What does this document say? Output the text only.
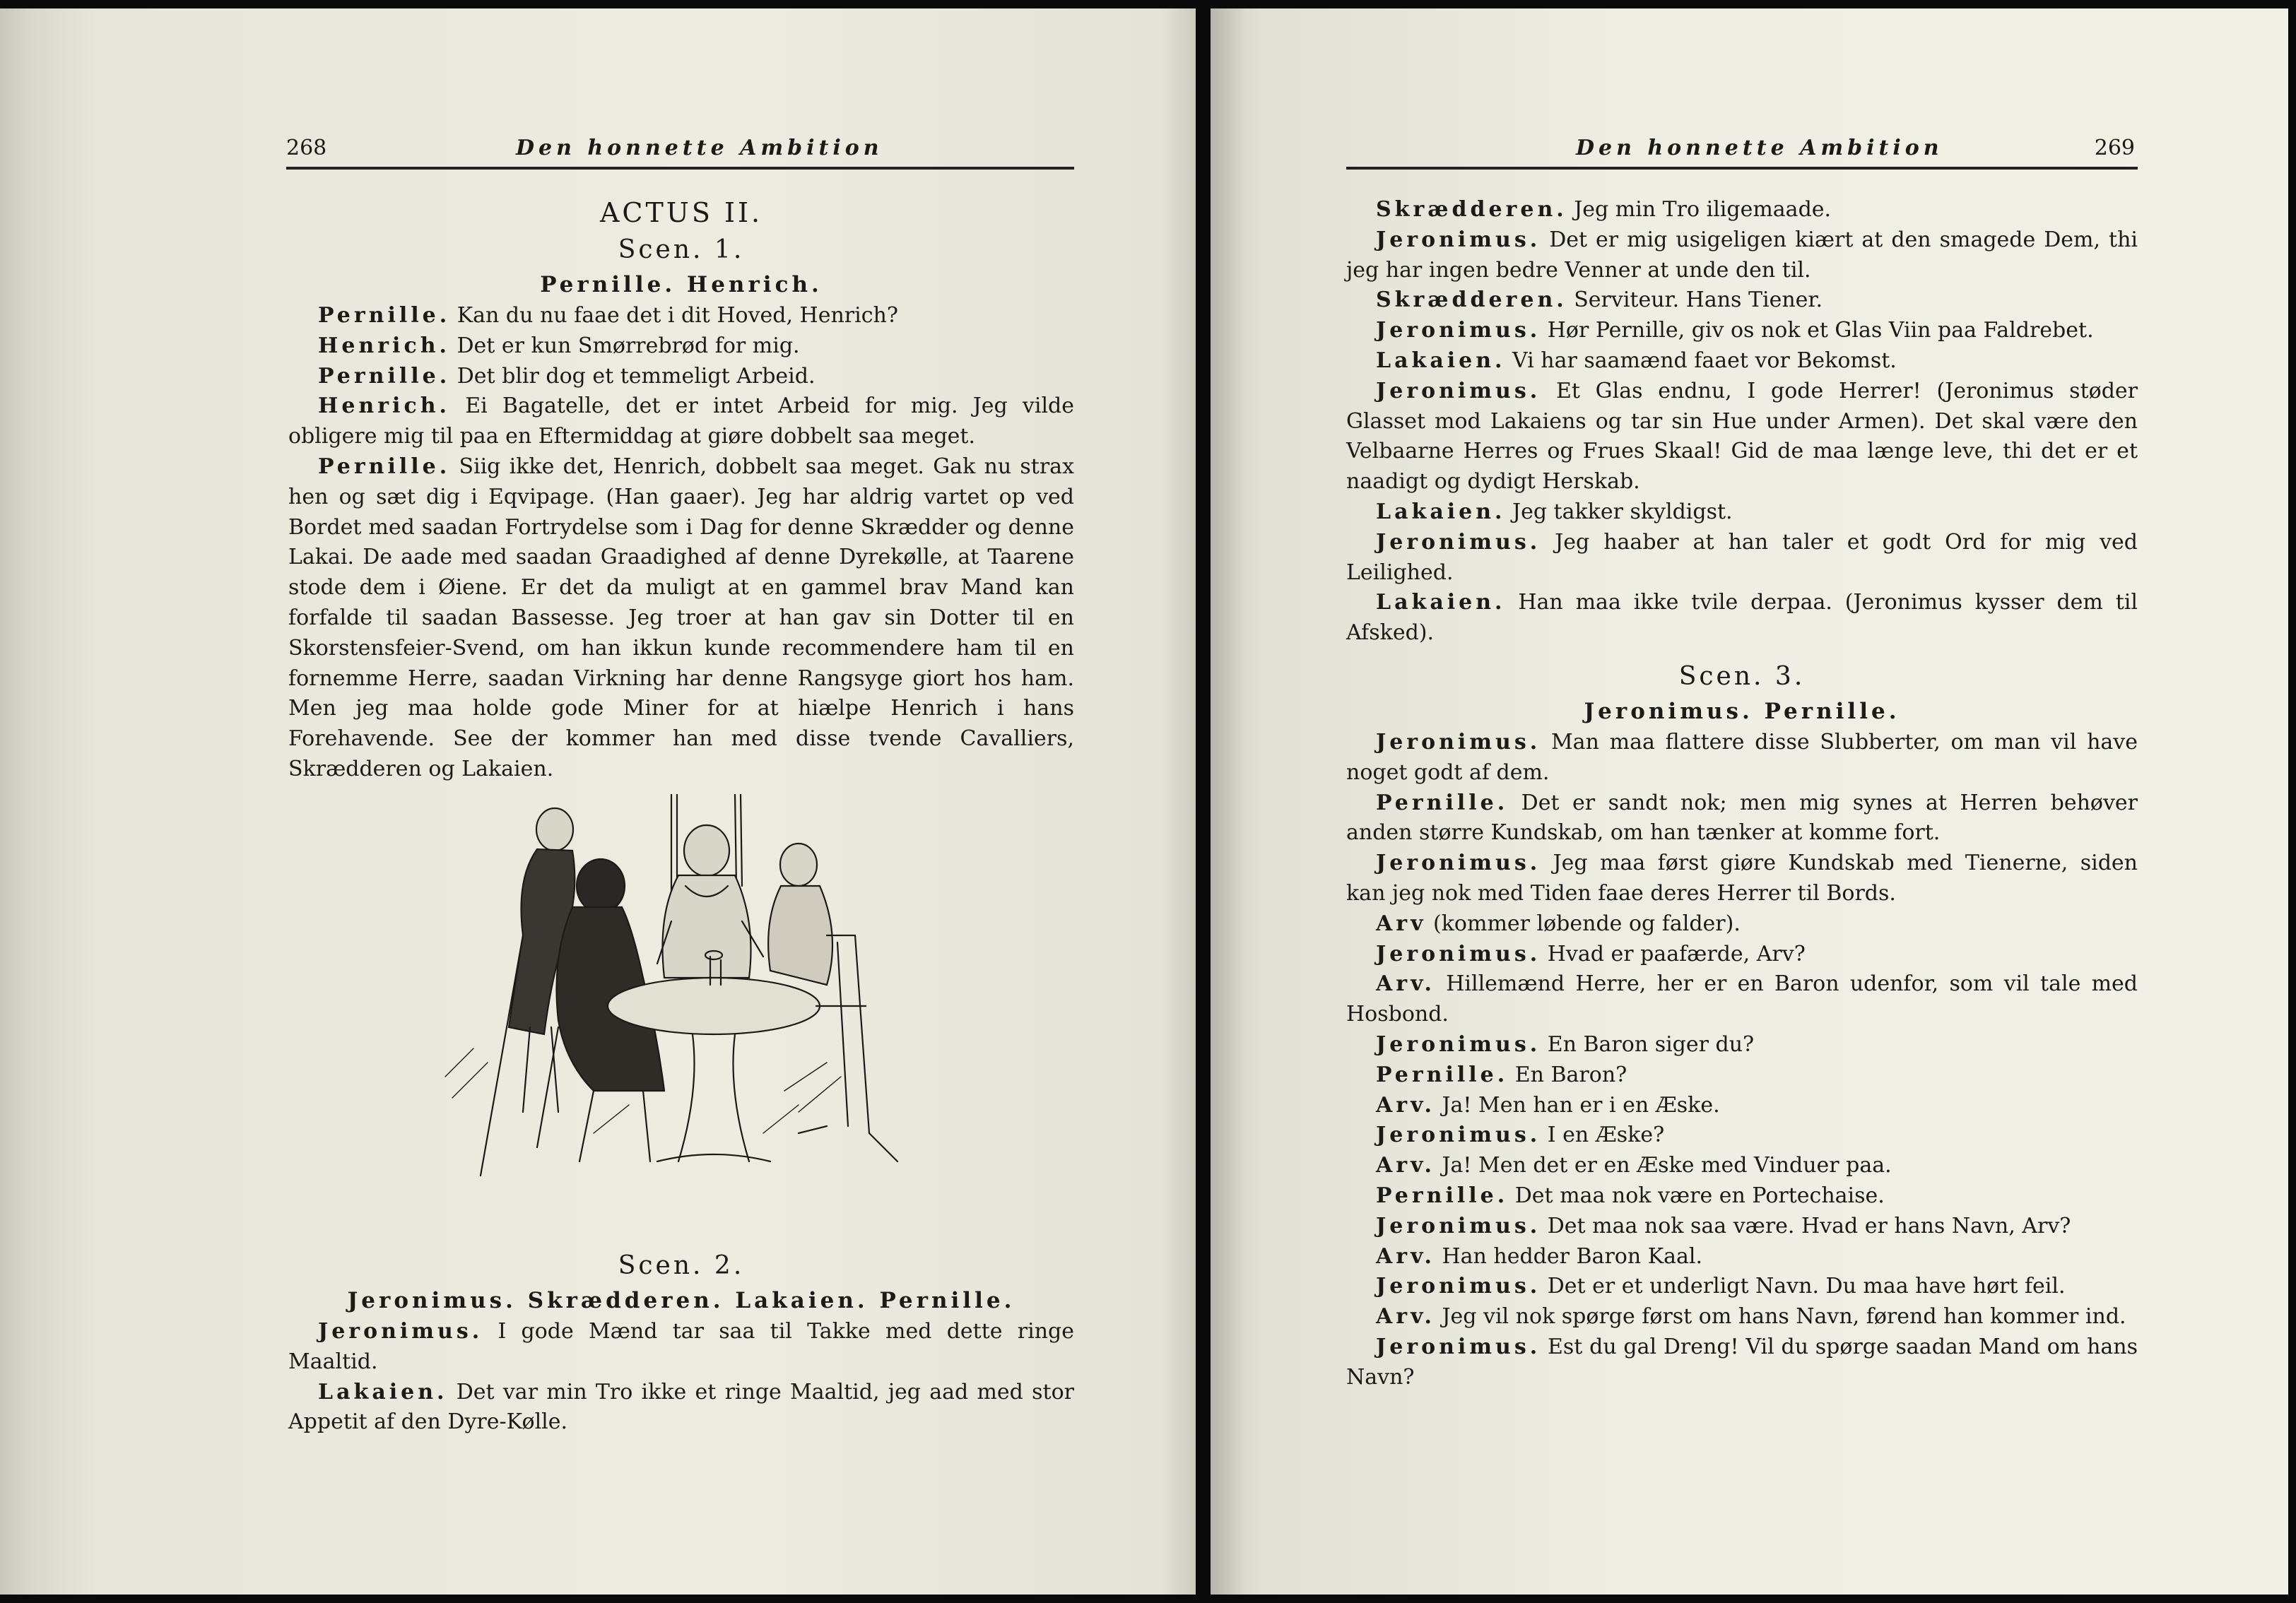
268	Den honnette Ambition
ACTUS II.
Scen. 1.
Pernille. Henrich.

Pernille. Kan du nu faae det i dit Hoved, Henrich?

Henrich. Det er kun Smørrebrød for mig.

Pernille. Det blir dog et temmeligt Arbeid.

Henrich. Ei Bagatelle, det er intet Arbeid for mig. Jeg vilde obligere mig til paa en Eftermiddag at giøre dobbelt saa meget.

Pernille. Siig ikke det, Henrich, dobbelt saa meget. Gak nu strax hen og sæt dig i Eqvipage. (Han gaaer). Jeg har aldrig vartet op ved Bordet med saadan Fortrydelse som i Dag for denne Skrædder og denne Lakai. De aade med saadan Graadighed af denne Dyrekølle, at Taarene stode dem i Øiene. Er det da muligt at en gammel brav Mand kan forfalde til saadan Bassesse. Jeg troer at han gav sin Dotter til en Skorstensfeier-Svend, om han ikkun kunde recommendere ham til en fornemme Herre, saadan Virkning har denne Rangsyge giort hos ham. Men jeg maa holde gode Miner for at hiælpe Henrich i hans Forehavende. See der kommer han med disse tvende Cavalliers, Skrædderen og Lakaien.

Scen. 2.
Jeronimus. Skrædderen. Lakaien. Pernille.

Jeronimus. I gode Mænd tar saa til Takke med dette ringe Maaltid.

Lakaien. Det var min Tro ikke et ringe Maaltid, jeg aad med stor Appetit af den Dyre-Kølle.

Den honnette Ambition	269

Skrædderen. Jeg min Tro iligemaade.

Jeronimus. Det er mig usigeligen kiært at den smagede Dem, thi jeg har ingen bedre Venner at unde den til.

Skrædderen. Serviteur. Hans Tiener.

Jeronimus. Hør Pernille, giv os nok et Glas Viin paa Faldrebet.

Lakaien. Vi har saamænd faaet vor Bekomst.

Jeronimus. Et Glas endnu, I gode Herrer! (Jeronimus støder Glasset mod Lakaiens og tar sin Hue under Armen). Det skal være den Velbaarne Herres og Frues Skaal! Gid de maa længe leve, thi det er et naadigt og dydigt Herskab.

Lakaien. Jeg takker skyldigst.

Jeronimus. Jeg haaber at han taler et godt Ord for mig ved Leilighed.

Lakaien. Han maa ikke tvile derpaa. (Jeronimus kysser dem til Afsked).

Scen. 3.
Jeronimus. Pernille.

Jeronimus. Man maa flattere disse Slubberter, om man vil have noget godt af dem.

Pernille. Det er sandt nok; men mig synes at Herren behøver anden større Kundskab, om han tænker at komme fort.

Jeronimus. Jeg maa først giøre Kundskab med Tienerne, siden kan jeg nok med Tiden faae deres Herrer til Bords.

Arv (kommer løbende og falder).

Jeronimus. Hvad er paafærde, Arv?

Arv. Hillemænd Herre, her er en Baron udenfor, som vil tale med Hosbond.

Jeronimus. En Baron siger du?

Pernille. En Baron?

Arv. Ja! Men han er i en Æske.

Jeronimus. I en Æske?

Arv. Ja! Men det er en Æske med Vinduer paa.

Pernille. Det maa nok være en Portechaise.

Jeronimus. Det maa nok saa være. Hvad er hans Navn, Arv?

Arv. Han hedder Baron Kaal.

Jeronimus. Det er et underligt Navn. Du maa have hørt feil.

Arv. Jeg vil nok spørge først om hans Navn, førend han kommer ind.

Jeronimus. Est du gal Dreng! Vil du spørge saadan Mand om hans Navn?
